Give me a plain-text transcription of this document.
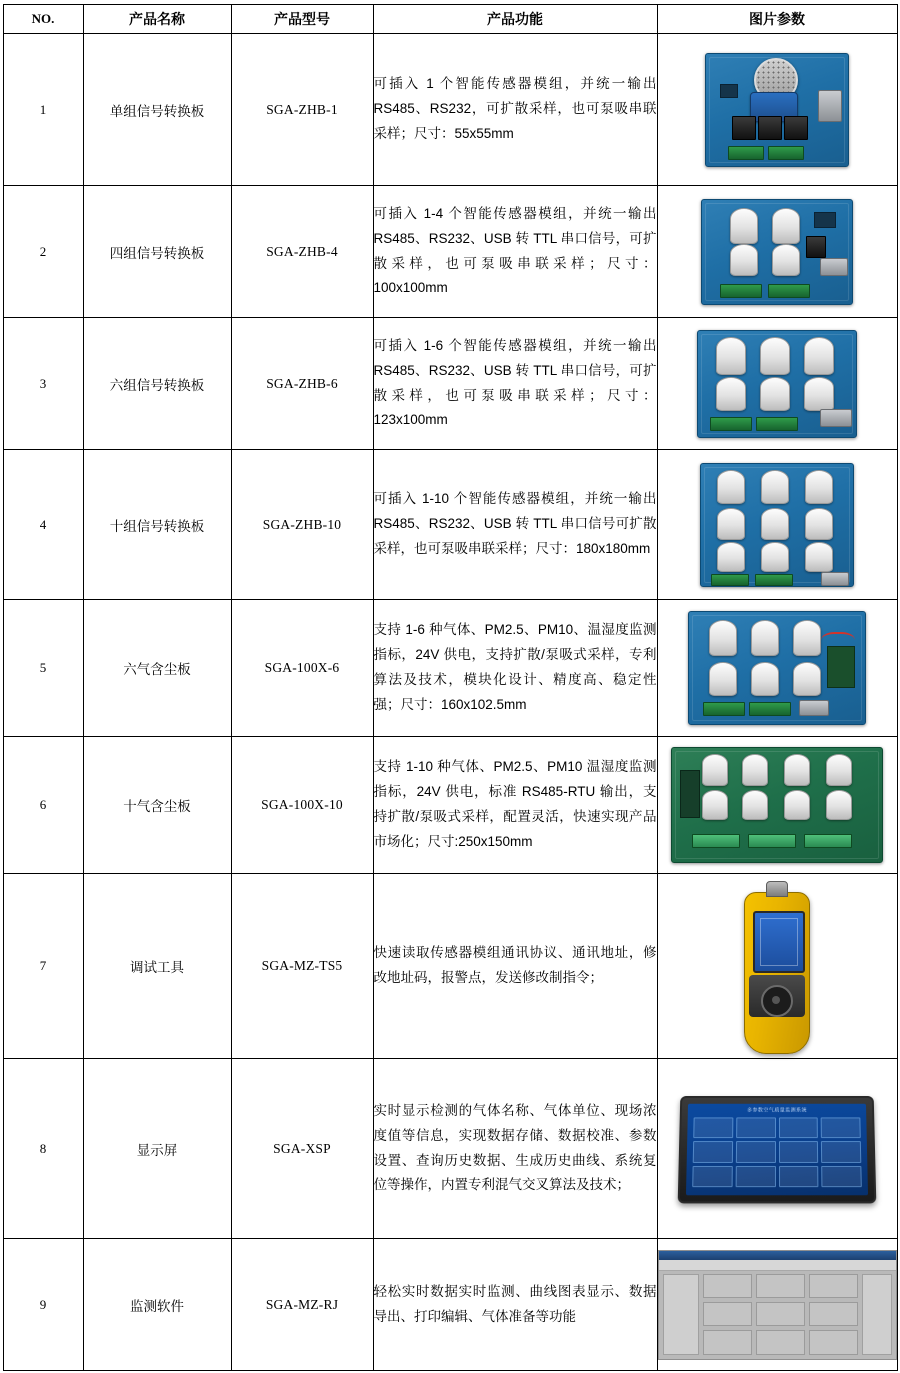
NO.	产品名称	产品型号	产品功能	图片参数
1	单组信号转换板	SGA-ZHB-1	可插入 1 个智能传感器模组，并统一输出 RS485、RS232，可扩散采样，也可泵吸串联采样；尺寸：55x55mm	

2	四组信号转换板	SGA-ZHB-4	可插入 1-4 个智能传感器模组，并统一输出 RS485、RS232、USB 转 TTL 串口信号，可扩散采样，也可泵吸串联采样；尺寸：100x100mm	

3	六组信号转换板	SGA-ZHB-6	可插入 1-6 个智能传感器模组，并统一输出 RS485、RS232、USB 转 TTL 串口信号，可扩散采样，也可泵吸串联采样；尺寸：123x100mm	

4	十组信号转换板	SGA-ZHB-10	可插入 1-10 个智能传感器模组，并统一输出 RS485、RS232、USB 转 TTL 串口信号可扩散采样，也可泵吸串联采样；尺寸：180x180mm	

5	六气含尘板	SGA-100X-6	支持 1-6 种气体、PM2.5、PM10、温湿度监测指标，24V 供电，支持扩散/泵吸式采样，专利算法及技术，模块化设计、精度高、稳定性强；尺寸：160x102.5mm	

6	十气含尘板	SGA-100X-10	支持 1-10 种气体、PM2.5、PM10 温湿度监测指标，24V 供电，标准 RS485-RTU 输出，支持扩散/泵吸式采样，配置灵活，快速实现产品市场化；尺寸:250x150mm	

7	调试工具	SGA-MZ-TS5	快速读取传感器模组通讯协议、通讯地址，修改地址码，报警点，发送修改制指令；	

8	显示屏	SGA-XSP	实时显示检测的气体名称、气体单位、现场浓度值等信息，实现数据存储、数据校准、参数设置、查询历史数据、生成历史曲线、系统复位等操作，内置专利混气交叉算法及技术；	多参数空气质量监测系统

9	监测软件	SGA-MZ-RJ	轻松实时数据实时监测、曲线图表显示、数据导出、打印编辑、气体准备等功能	
